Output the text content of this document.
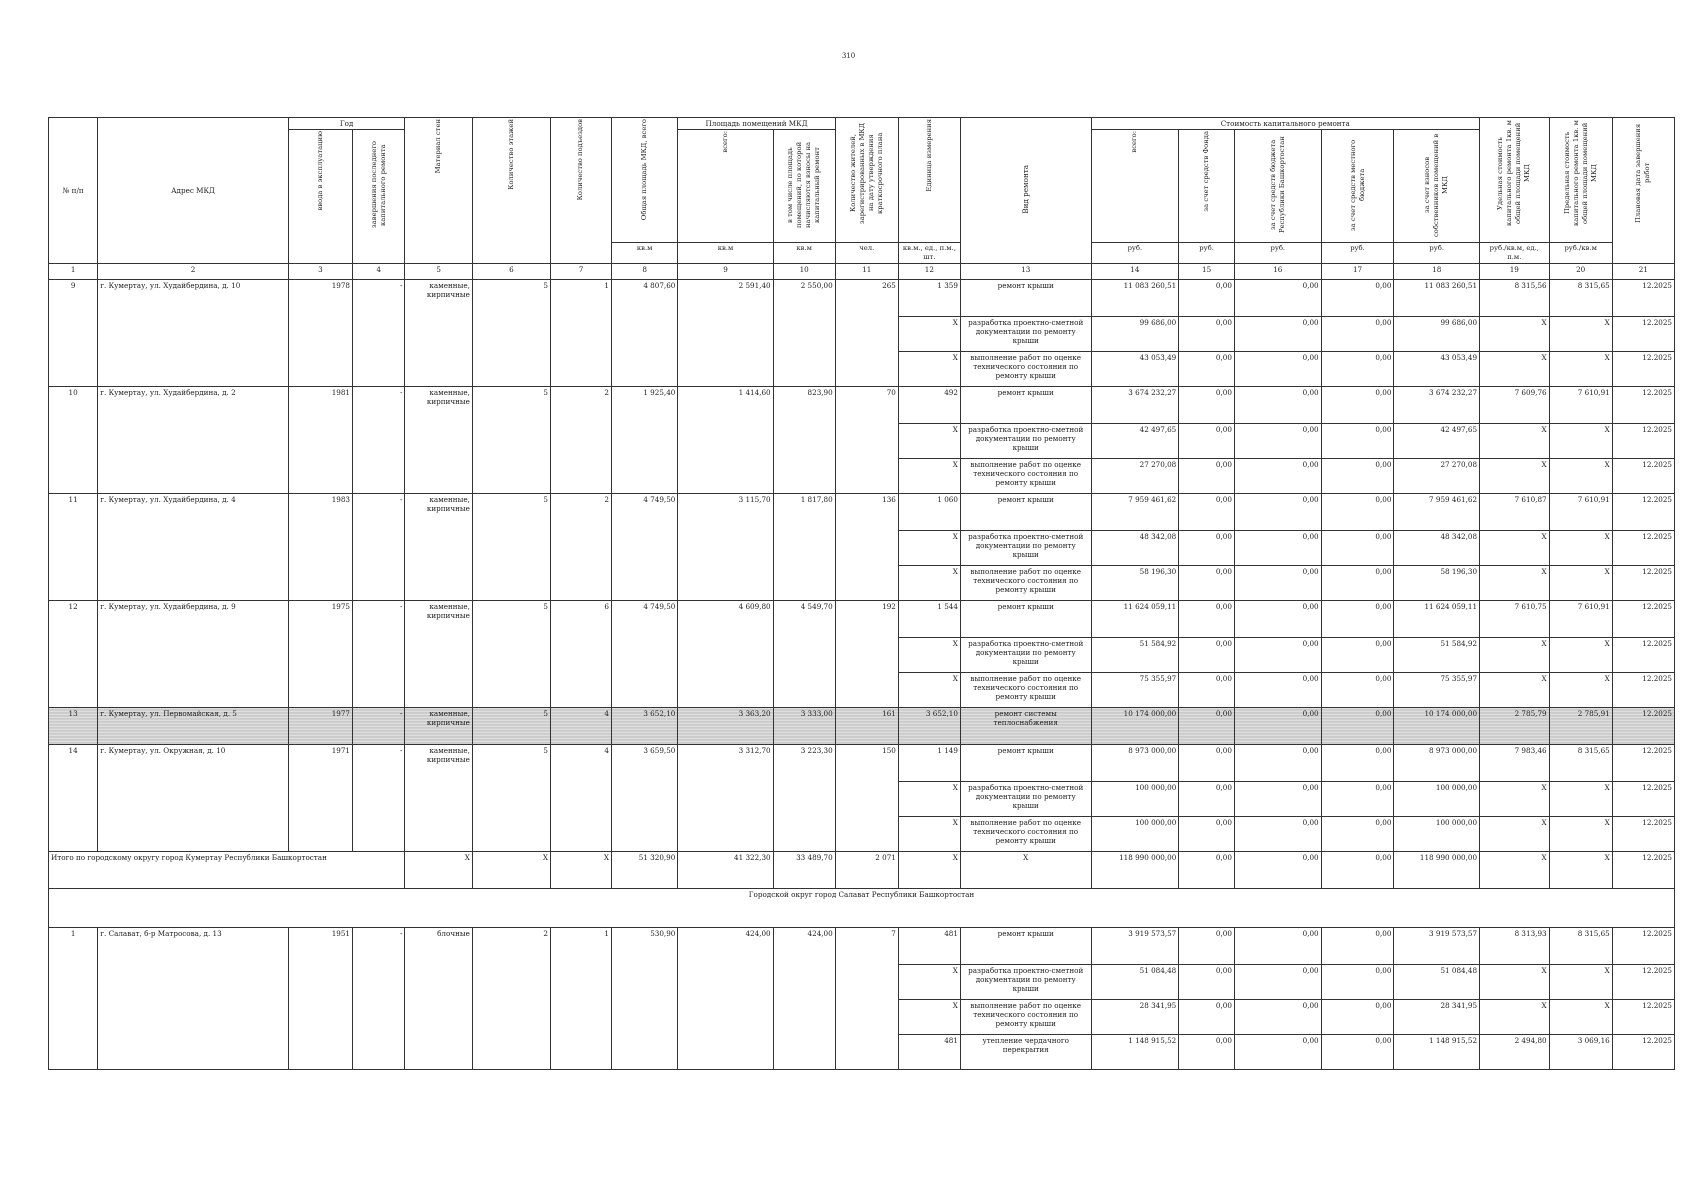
310
№ п/п	Адрес МКД	Год		Материал стен	Количество этажей	Количество подъездов	Общая площадь МКД, всего	Площадь помещений МКД		Количество жителей, зарегистрированных в МКД на дату утверждения краткосрочного плана	Единица измерения	Вид ремонта	Стоимость капитального ремонта					Удельная стоимость капитального ремонта 1кв. м общей площади помещений МКД	Предельная стоимость капитального ремонта 1кв. м общей площади помещений МКД	Плановая дата завершения работ
		ввода в эксплуатацию	завершения последнего капитального ремонта					всего:	в том числе площадь помещений, по которой начисляются взносы на капитальный ремонт				всего:	за счет средств Фонда	за счет средств бюджета Республики Башкортостан	за счет средств местного бюджета	за счет взносов собственников помещений в МКД			
							кв.м	кв.м	кв.м	чел.	кв.м., ед., п.м., шт.		руб.	руб.	руб.	руб.	руб.	руб./кв.м, ед., п.м.	руб./кв.м	
1	2	3	4	5	6	7	8	9	10	11	12	13	14	15	16	17	18	19	20	21
9	г. Кумертау, ул. Худайбердина, д. 10	1978	-	каменные, кирпичные	5	1	4 807,60	2 591,40	2 550,00	265	1 359	ремонт крыши	11 083 260,51	0,00	0,00	0,00	11 083 260,51	8 315,56	8 315,65	12.2025
											X	разработка проектно-сметной документации по ремонту крыши	99 686,00	0,00	0,00	0,00	99 686,00	X	X	12.2025
											X	выполнение работ по оценке технического состояния по ремонту крыши	43 053,49	0,00	0,00	0,00	43 053,49	X	X	12.2025
10	г. Кумертау, ул. Худайбердина, д. 2	1981	-	каменные, кирпичные	5	2	1 925,40	1 414,60	823,90	70	492	ремонт крыши	3 674 232,27	0,00	0,00	0,00	3 674 232,27	7 609,76	7 610,91	12.2025
											X	разработка проектно-сметной документации по ремонту крыши	42 497,65	0,00	0,00	0,00	42 497,65	X	X	12.2025
											X	выполнение работ по оценке технического состояния по ремонту крыши	27 270,08	0,00	0,00	0,00	27 270,08	X	X	12.2025
11	г. Кумертау, ул. Худайбердина, д. 4	1983	-	каменные, кирпичные	5	2	4 749,50	3 115,70	1 817,80	136	1 060	ремонт крыши	7 959 461,62	0,00	0,00	0,00	7 959 461,62	7 610,87	7 610,91	12.2025
											X	разработка проектно-сметной документации по ремонту крыши	48 342,08	0,00	0,00	0,00	48 342,08	X	X	12.2025
											X	выполнение работ по оценке технического состояния по ремонту крыши	58 196,30	0,00	0,00	0,00	58 196,30	X	X	12.2025
12	г. Кумертау, ул. Худайбердина, д. 9	1975	-	каменные, кирпичные	5	6	4 749,50	4 609,80	4 549,70	192	1 544	ремонт крыши	11 624 059,11	0,00	0,00	0,00	11 624 059,11	7 610,75	7 610,91	12.2025
											X	разработка проектно-сметной документации по ремонту крыши	51 584,92	0,00	0,00	0,00	51 584,92	X	X	12.2025
											X	выполнение работ по оценке технического состояния по ремонту крыши	75 355,97	0,00	0,00	0,00	75 355,97	X	X	12.2025
13	г. Кумертау, ул. Первомайская, д. 5	1977	-	каменные, кирпичные	5	4	3 652,10	3 363,20	3 333,00	161	3 652,10	ремонт системы теплоснабжения	10 174 000,00	0,00	0,00	0,00	10 174 000,00	2 785,79	2 785,91	12.2025
14	г. Кумертау, ул. Окружная, д. 10	1971	-	каменные, кирпичные	5	4	3 659,50	3 312,70	3 223,30	150	1 149	ремонт крыши	8 973 000,00	0,00	0,00	0,00	8 973 000,00	7 983,46	8 315,65	12.2025
											X	разработка проектно-сметной документации по ремонту крыши	100 000,00	0,00	0,00	0,00	100 000,00	X	X	12.2025
											X	выполнение работ по оценке технического состояния по ремонту крыши	100 000,00	0,00	0,00	0,00	100 000,00	X	X	12.2025
Итого по городскому округу город Кумертау Республики Башкортостан				X	X	X	51 320,90	41 322,30	33 489,70	2 071	X	X	118 990 000,00	0,00	0,00	0,00	118 990 000,00	X	X	12.2025
Городской округ город Салават Республики Башкортостан																				
1	г. Салават, б-р Матросова, д. 13	1951	-	блочные	2	1	530,90	424,00	424,00	7	481	ремонт крыши	3 919 573,57	0,00	0,00	0,00	3 919 573,57	8 313,93	8 315,65	12.2025
											X	разработка проектно-сметной документации по ремонту крыши	51 084,48	0,00	0,00	0,00	51 084,48	X	X	12.2025
											X	выполнение работ по оценке технического состояния по ремонту крыши	28 341,95	0,00	0,00	0,00	28 341,95	X	X	12.2025
											481	утепление чердачного перекрытия	1 148 915,52	0,00	0,00	0,00	1 148 915,52	2 494,80	3 069,16	12.2025
